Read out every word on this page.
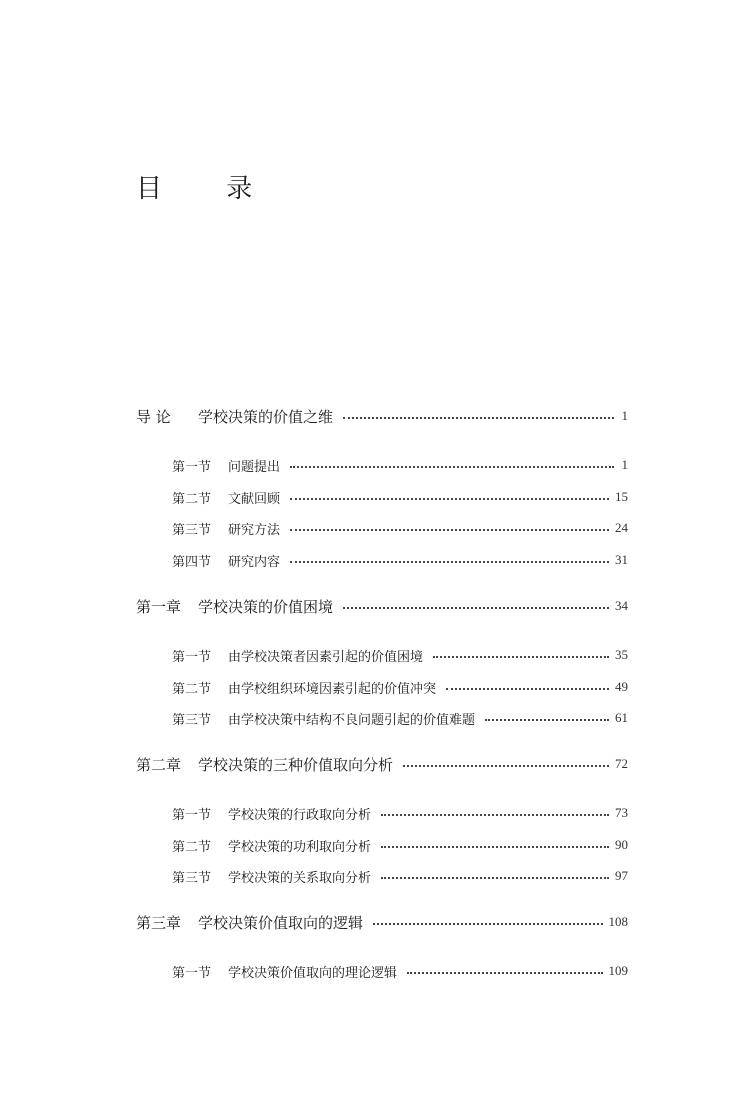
目 录
导 论	学校决策的价值之维	1
第一节	问题提出	1
第二节	文献回顾	15
第三节	研究方法	24
第四节	研究内容	31
第一章	学校决策的价值困境	34
第一节	由学校决策者因素引起的价值困境	35
第二节	由学校组织环境因素引起的价值冲突	49
第三节	由学校决策中结构不良问题引起的价值难题	61
第二章	学校决策的三种价值取向分析	72
第一节	学校决策的行政取向分析	73
第二节	学校决策的功利取向分析	90
第三节	学校决策的关系取向分析	97
第三章	学校决策价值取向的逻辑	108
第一节	学校决策价值取向的理论逻辑	109
